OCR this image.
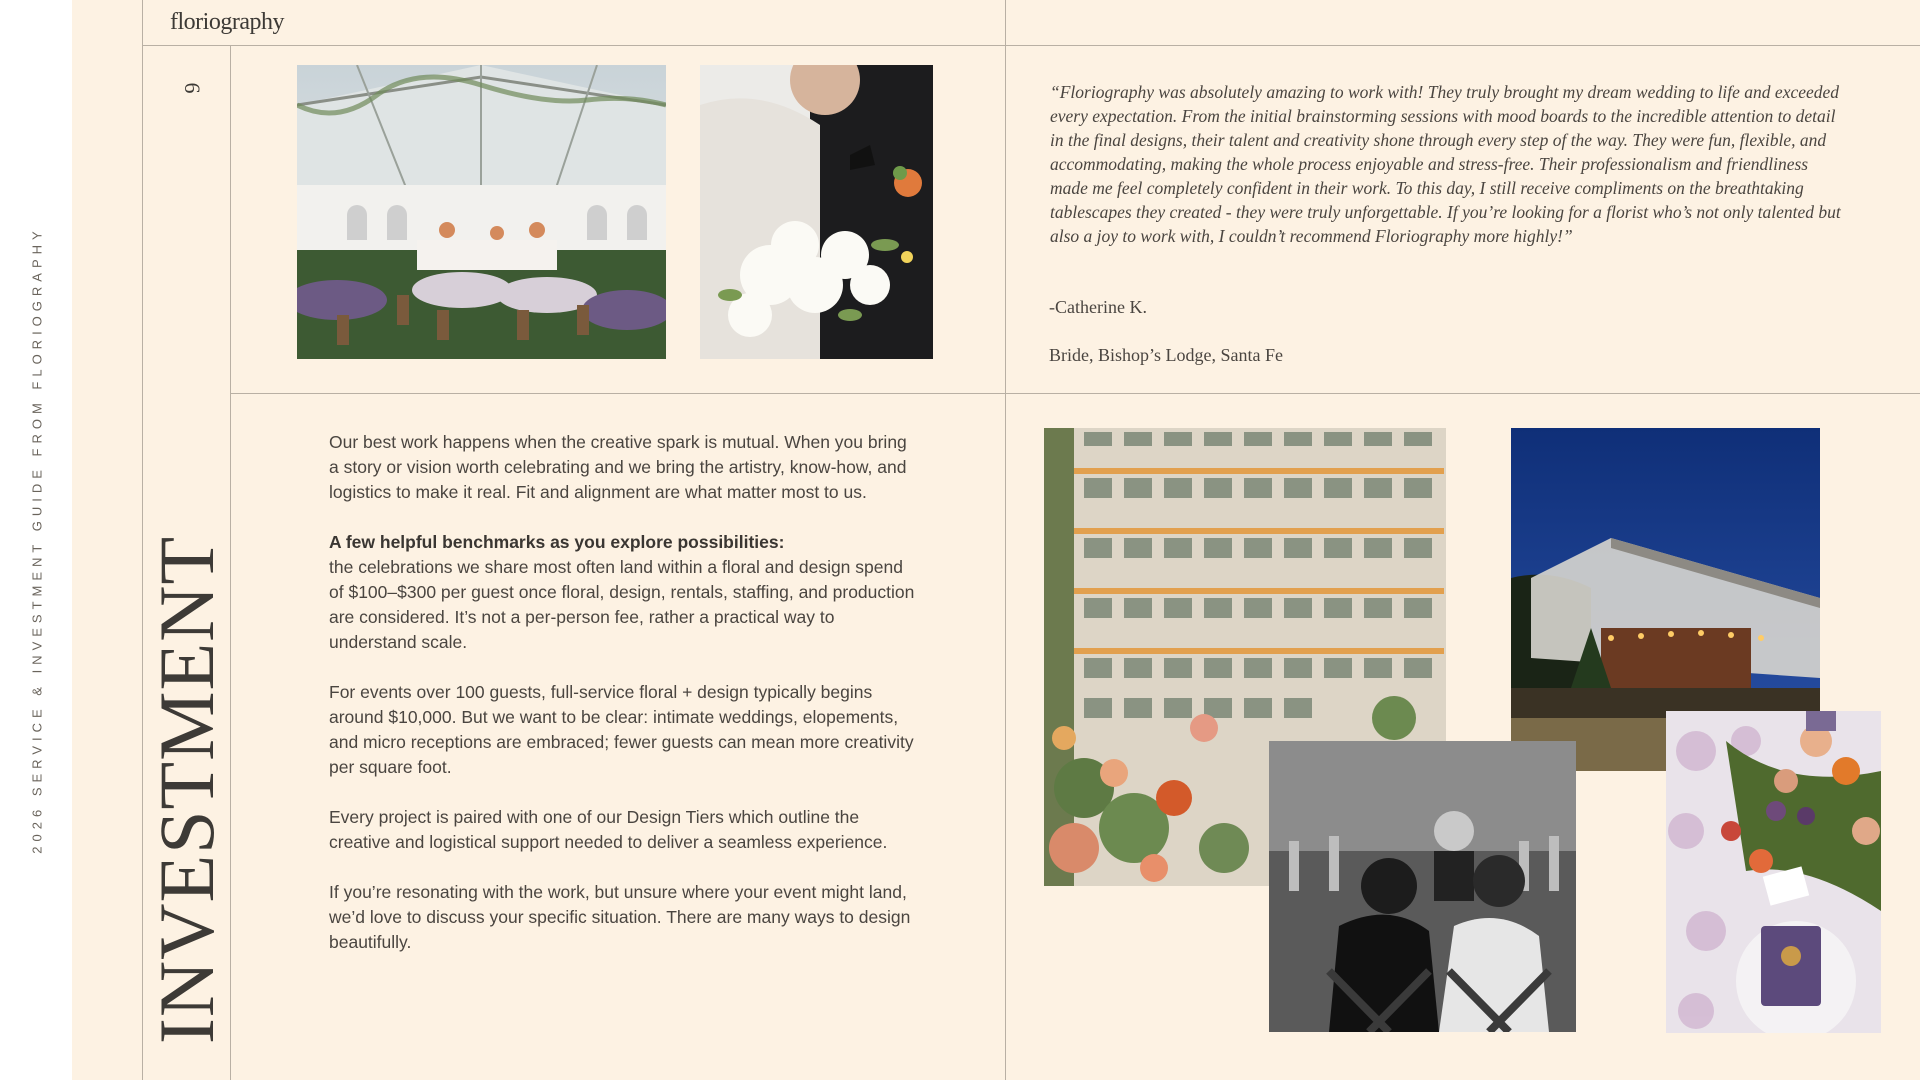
2026 SERVICE & INVESTMENT GUIDE FROM FLORIOGRAPHY
floriography
6
INVESTMENT

“Floriography was absolutely amazing to work with! They truly brought my dream wedding to life and exceeded every expectation. From the initial brainstorming sessions with mood boards to the incredible attention to detail in the final designs, their talent and creativity shone through every step of the way. They were fun, flexible, and accommodating, making the whole process enjoyable and stress-free. Their professionalism and friendliness made me feel completely confident in their work. To this day, I still receive compliments on the breathtaking tablescapes they created - they were truly unforgettable. If you’re looking for a florist who’s not only talented but also a joy to work with, I couldn’t recommend Floriography more highly!”

-Catherine K.
Bride, Bishop’s Lodge, Santa Fe

Our best work happens when the creative spark is mutual. When you bring a story or vision worth celebrating and we bring the artistry, know-how, and logistics to make it real. Fit and alignment are what matter most to us.

A few helpful benchmarks as you explore possibilities:
the celebrations we share most often land within a floral and design spend of $100–$300 per guest once floral, design, rentals, staffing, and production are considered. It’s not a per-person fee, rather a practical way to understand scale.

For events over 100 guests, full-service floral + design typically begins around $10,000. But we want to be clear: intimate weddings, elopements, and micro receptions are embraced; fewer guests can mean more creativity per square foot.

Every project is paired with one of our Design Tiers which outline the creative and logistical support needed to deliver a seamless experience.

If you’re resonating with the work, but unsure where your event might land, we’d love to discuss your specific situation. There are many ways to design beautifully.
